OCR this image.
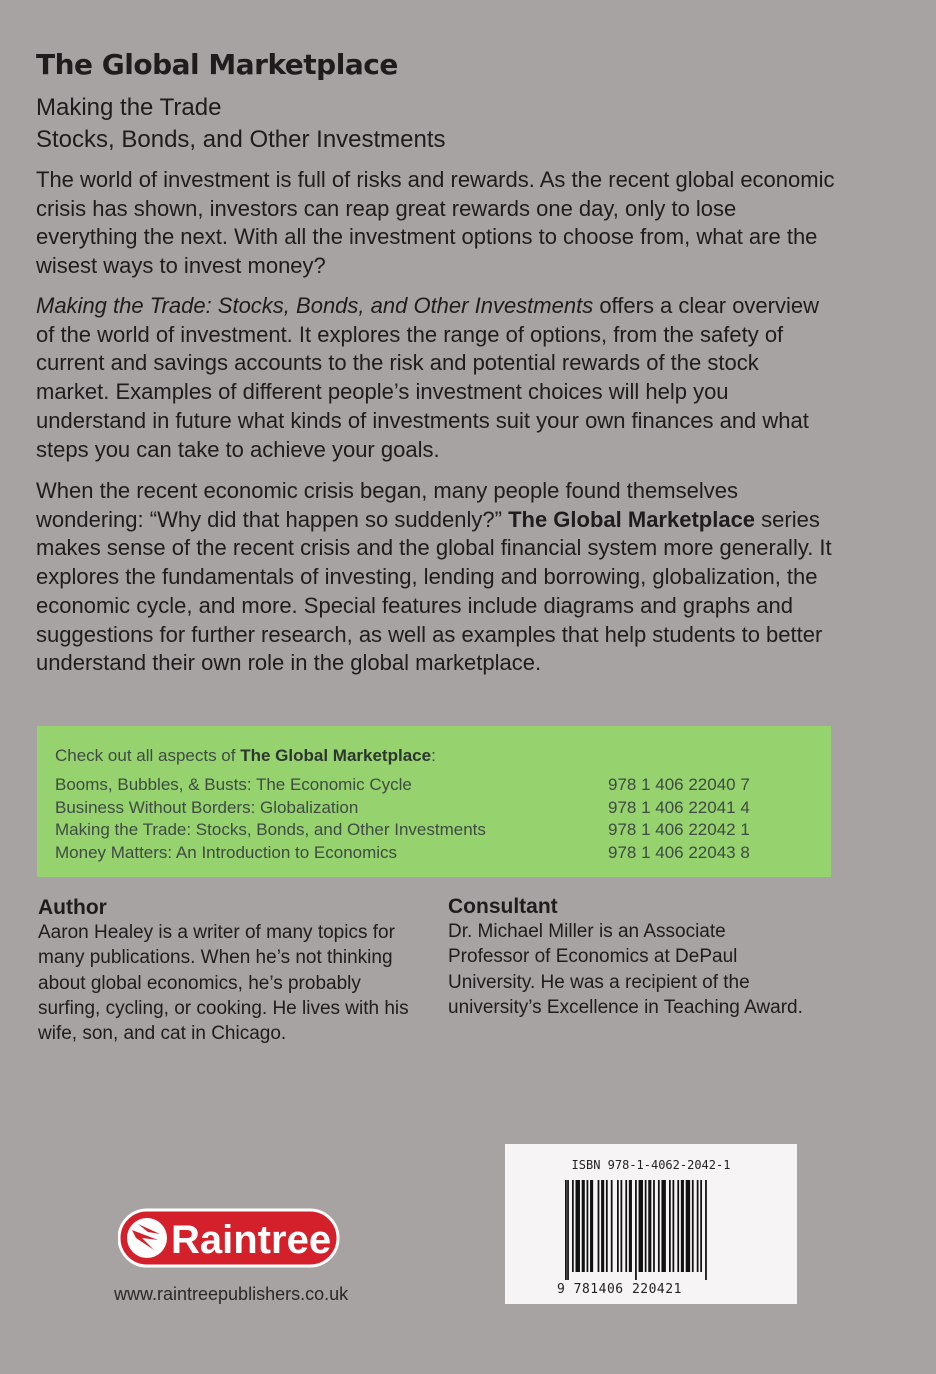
The Global Marketplace
Making the Trade
Stocks, Bonds, and Other Investments

The world of investment is full of risks and rewards. As the recent global economic crisis has shown, investors can reap great rewards one day, only to lose everything the next. With all the investment options to choose from, what are the wisest ways to invest money?

Making the Trade: Stocks, Bonds, and Other Investments offers a clear overview of the world of investment. It explores the range of options, from the safety of current and savings accounts to the risk and potential rewards of the stock market. Examples of different people’s investment choices will help you understand in future what kinds of investments suit your own finances and what steps you can take to achieve your goals.

When the recent economic crisis began, many people found themselves wondering: “Why did that happen so suddenly?” The Global Marketplace series makes sense of the recent crisis and the global financial system more generally. It explores the fundamentals of investing, lending and borrowing, globalization, the economic cycle, and more. Special features include diagrams and graphs and suggestions for further research, as well as examples that help students to better understand their own role in the global marketplace.

Check out all aspects of The Global Marketplace:
Booms, Bubbles, & Busts: The Economic Cycle	978 1 406 22040 7
Business Without Borders: Globalization	978 1 406 22041 4
Making the Trade: Stocks, Bonds, and Other Investments	978 1 406 22042 1
Money Matters: An Introduction to Economics	978 1 406 22043 8
Author

Aaron Healey is a writer of many topics for many publications. When he’s not thinking about global economics, he’s probably surfing, cycling, or cooking. He lives with his wife, son, and cat in Chicago.

Consultant

Dr. Michael Miller is an Associate Professor of Economics at DePaul University. He was a recipient of the university’s Excellence in Teaching Award.

Raintree
www.raintreepublishers.co.uk
ISBN 978-1-4062-2042-1
9 781406 220421
